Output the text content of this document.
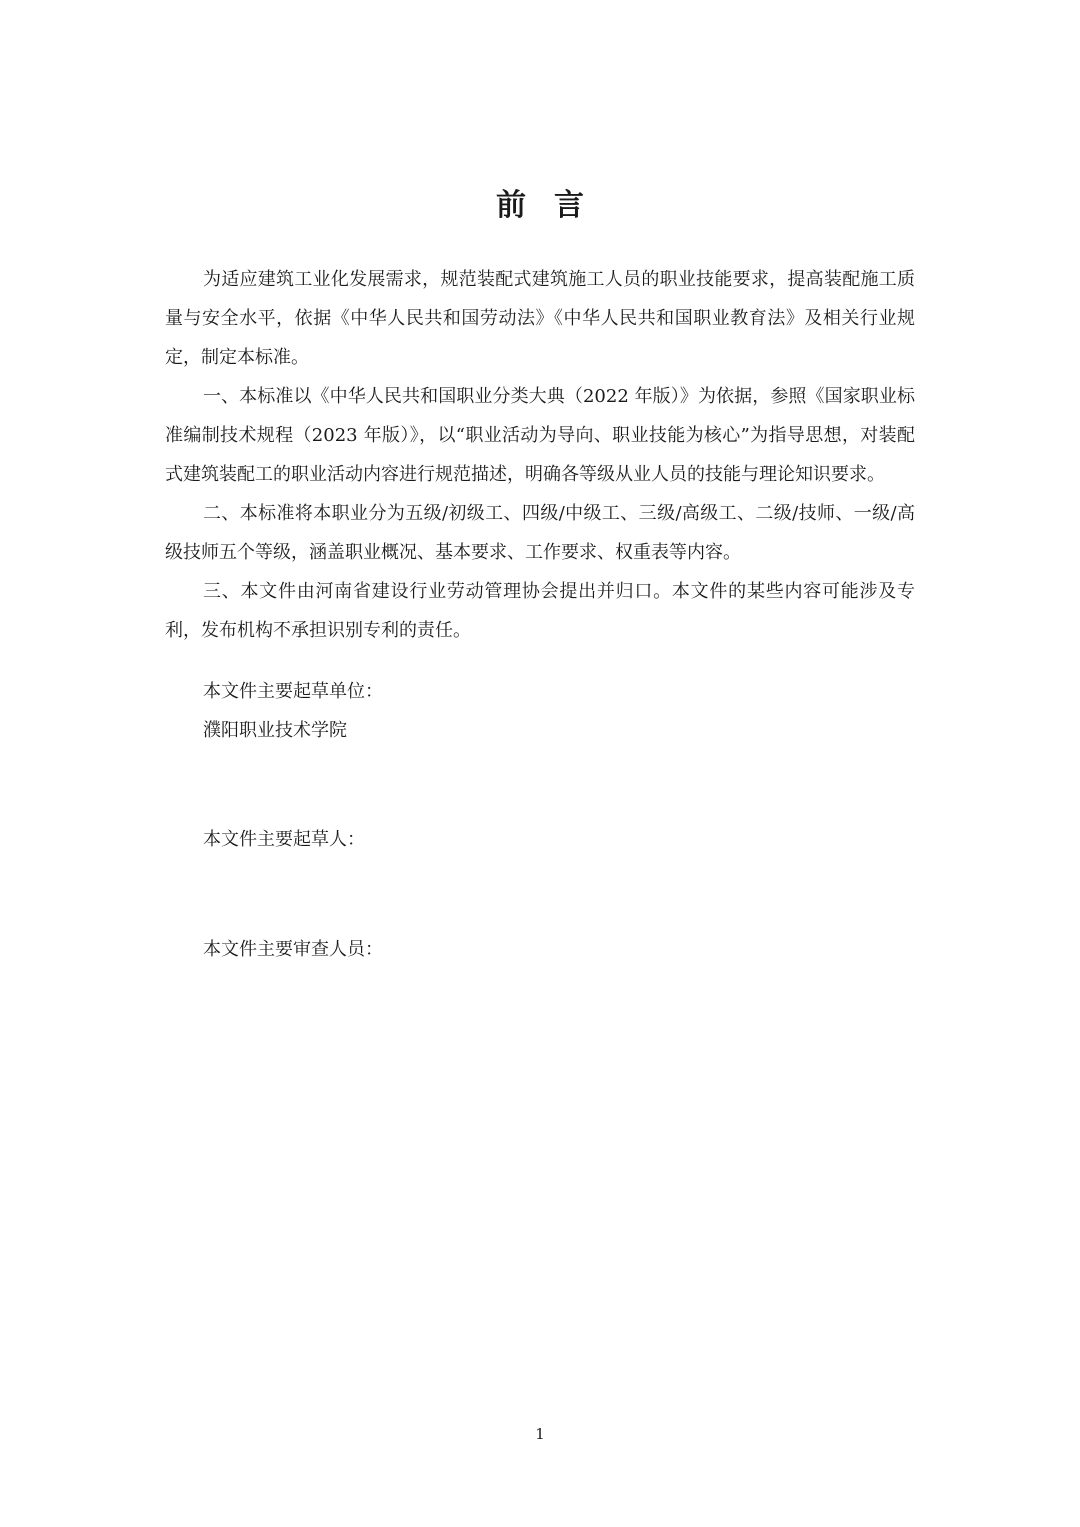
前言

为适应建筑工业化发展需求，规范装配式建筑施工人员的职业技能要求，提高装配施工质量与安全水平，依据《中华人民共和国劳动法》《中华人民共和国职业教育法》及相关行业规定，制定本标准。

一、本标准以《中华人民共和国职业分类大典（2022 年版）》为依据，参照《国家职业标准编制技术规程（2023 年版）》，以“职业活动为导向、职业技能为核心”为指导思想，对装配式建筑装配工的职业活动内容进行规范描述，明确各等级从业人员的技能与理论知识要求。

二、本标准将本职业分为五级/初级工、四级/中级工、三级/高级工、二级/技师、一级/高级技师五个等级，涵盖职业概况、基本要求、工作要求、权重表等内容。

三、本文件由河南省建设行业劳动管理协会提出并归口。本文件的某些内容可能涉及专利，发布机构不承担识别专利的责任。

本文件主要起草单位：
濮阳职业技术学院
本文件主要起草人：
本文件主要审查人员：
1
